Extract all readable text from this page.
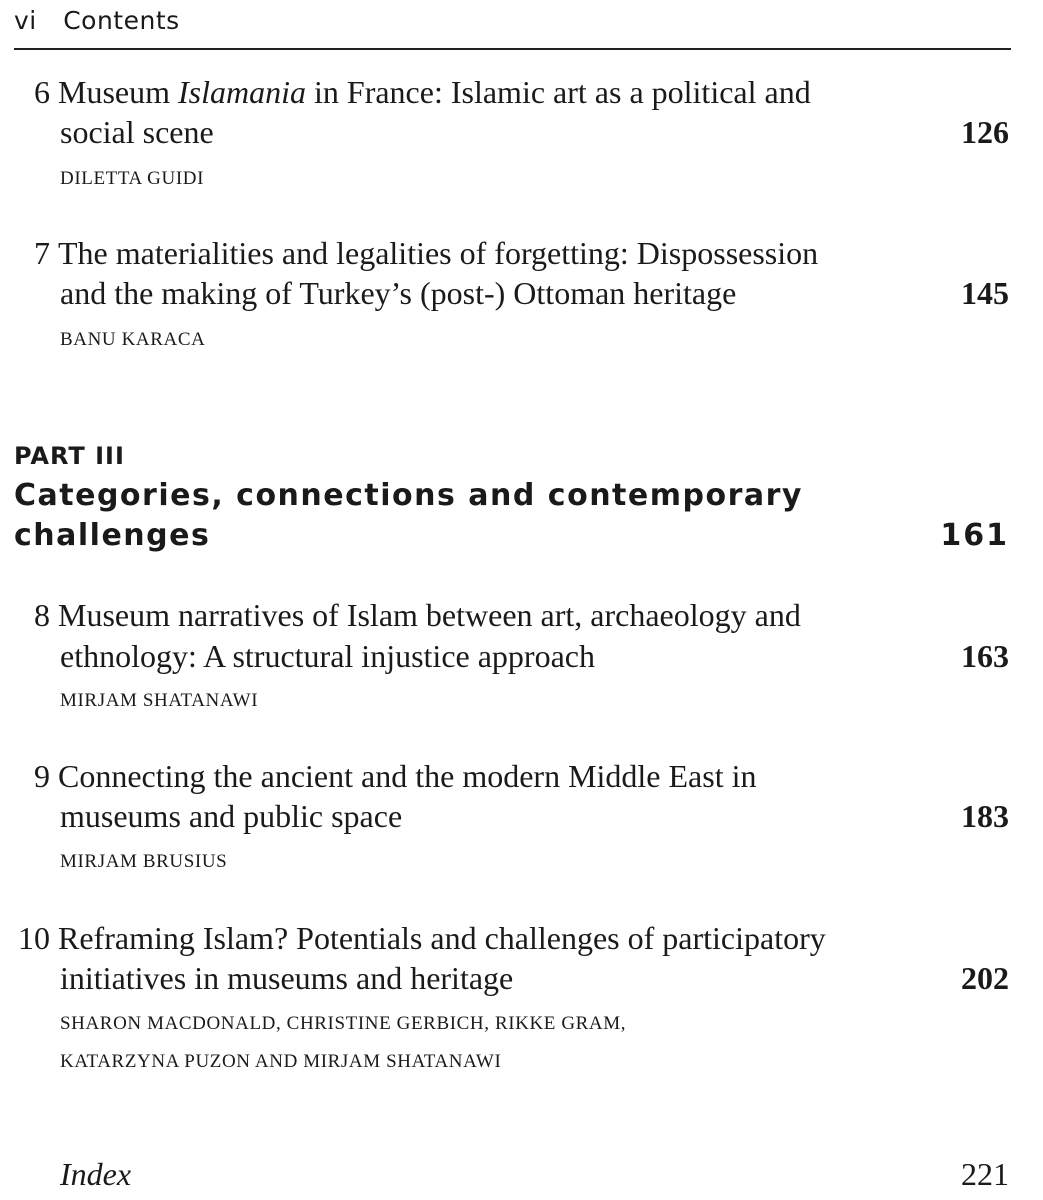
vi Contents
6 Museum Islamania in France: Islamic art as a political and
social scene	126
DILETTA GUIDI
7 The materialities and legalities of forgetting: Dispossession
and the making of Turkey’s (post-) Ottoman heritage	145
BANU KARACA
PART III
Categories, connections and contemporary
challenges	161
8 Museum narratives of Islam between art, archaeology and
ethnology: A structural injustice approach	163
MIRJAM SHATANAWI
9 Connecting the ancient and the modern Middle East in
museums and public space	183
MIRJAM BRUSIUS
10 Reframing Islam? Potentials and challenges of participatory
initiatives in museums and heritage	202
SHARON MACDONALD, CHRISTINE GERBICH, RIKKE GRAM,
KATARZYNA PUZON AND MIRJAM SHATANAWI
Index	221
